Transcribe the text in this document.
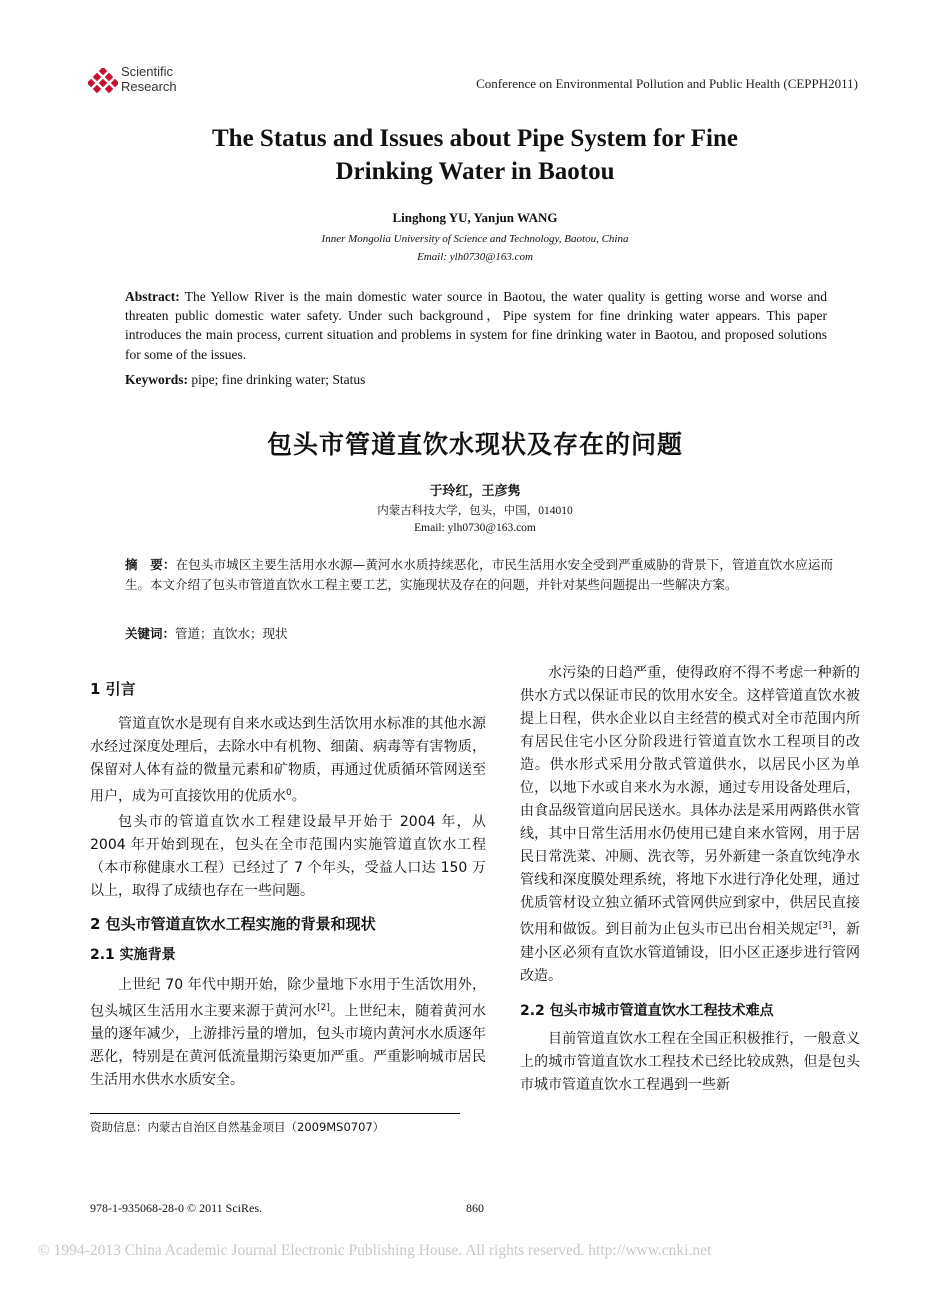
Scientific
Research	Conference on Environmental Pollution and Public Health (CEPPH2011)
The Status and Issues about Pipe System for Fine
Drinking Water in Baotou
Linghong YU, Yanjun WANG
Inner Mongolia University of Science and Technology, Baotou, China
Email: ylh0730@163.com
Abstract: The Yellow River is the main domestic water source in Baotou, the water quality is getting worse and worse and threaten public domestic water safety. Under such background，Pipe system for fine drinking water appears. This paper introduces the main process, current situation and problems in system for fine drinking water in Baotou, and proposed solutions for some of the issues.
Keywords: pipe; fine drinking water; Status
包头市管道直饮水现状及存在的问题
于玲红，王彦隽
内蒙古科技大学，包头，中国，014010
Email: ylh0730@163.com
摘　要：在包头市城区主要生活用水水源—黄河水水质持续恶化，市民生活用水安全受到严重威胁的背景下，管道直饮水应运而生。本文介绍了包头市管道直饮水工程主要工艺，实施现状及存在的问题，并针对某些问题提出一些解决方案。
关键词：管道；直饮水；现状
1 引言

管道直饮水是现有自来水或达到生活饮用水标准的其他水源水经过深度处理后，去除水中有机物、细菌、病毒等有害物质，保留对人体有益的微量元素和矿物质，再通过优质循环管网送至用户，成为可直接饮用的优质水$^0$。

包头市的管道直饮水工程建设最早开始于 2004 年，从 2004 年开始到现在，包头在全市范围内实施管道直饮水工程（本市称健康水工程）已经过了 7 个年头，受益人口达 150 万以上，取得了成绩也存在一些问题。

2 包头市管道直饮水工程实施的背景和现状
2.1 实施背景

上世纪 70 年代中期开始，除少量地下水用于生活饮用外，包头城区生活用水主要来源于黄河水[2]。上世纪末，随着黄河水量的逐年减少，上游排污量的增加，包头市境内黄河水水质逐年恶化，特别是在黄河低流量期污染更加严重。严重影响城市居民生活用水供水水质安全。

水污染的日趋严重，使得政府不得不考虑一种新的供水方式以保证市民的饮用水安全。这样管道直饮水被提上日程，供水企业以自主经营的模式对全市范围内所有居民住宅小区分阶段进行管道直饮水工程项目的改造。供水形式采用分散式管道供水，以居民小区为单位，以地下水或自来水为水源，通过专用设备处理后，由食品级管道向居民送水。具体办法是采用两路供水管线，其中日常生活用水仍使用已建自来水管网，用于居民日常洗菜、冲厕、洗衣等，另外新建一条直饮纯净水管线和深度膜处理系统，将地下水进行净化处理，通过优质管材设立独立循环式管网供应到家中，供居民直接饮用和做饭。到目前为止包头市已出台相关规定[3]，新建小区必须有直饮水管道铺设，旧小区正逐步进行管网改造。

2.2 包头市城市管道直饮水工程技术难点

目前管道直饮水工程在全国正积极推行，一般意义上的城市管道直饮水工程技术已经比较成熟，但是包头市城市管道直饮水工程遇到一些新

资助信息：内蒙古自治区自然基金项目（2009MS0707）
978-1-935068-28-0 © 2011 SciRes.	860
© 1994-2013 China Academic Journal Electronic Publishing House. All rights reserved. http://www.cnki.net
